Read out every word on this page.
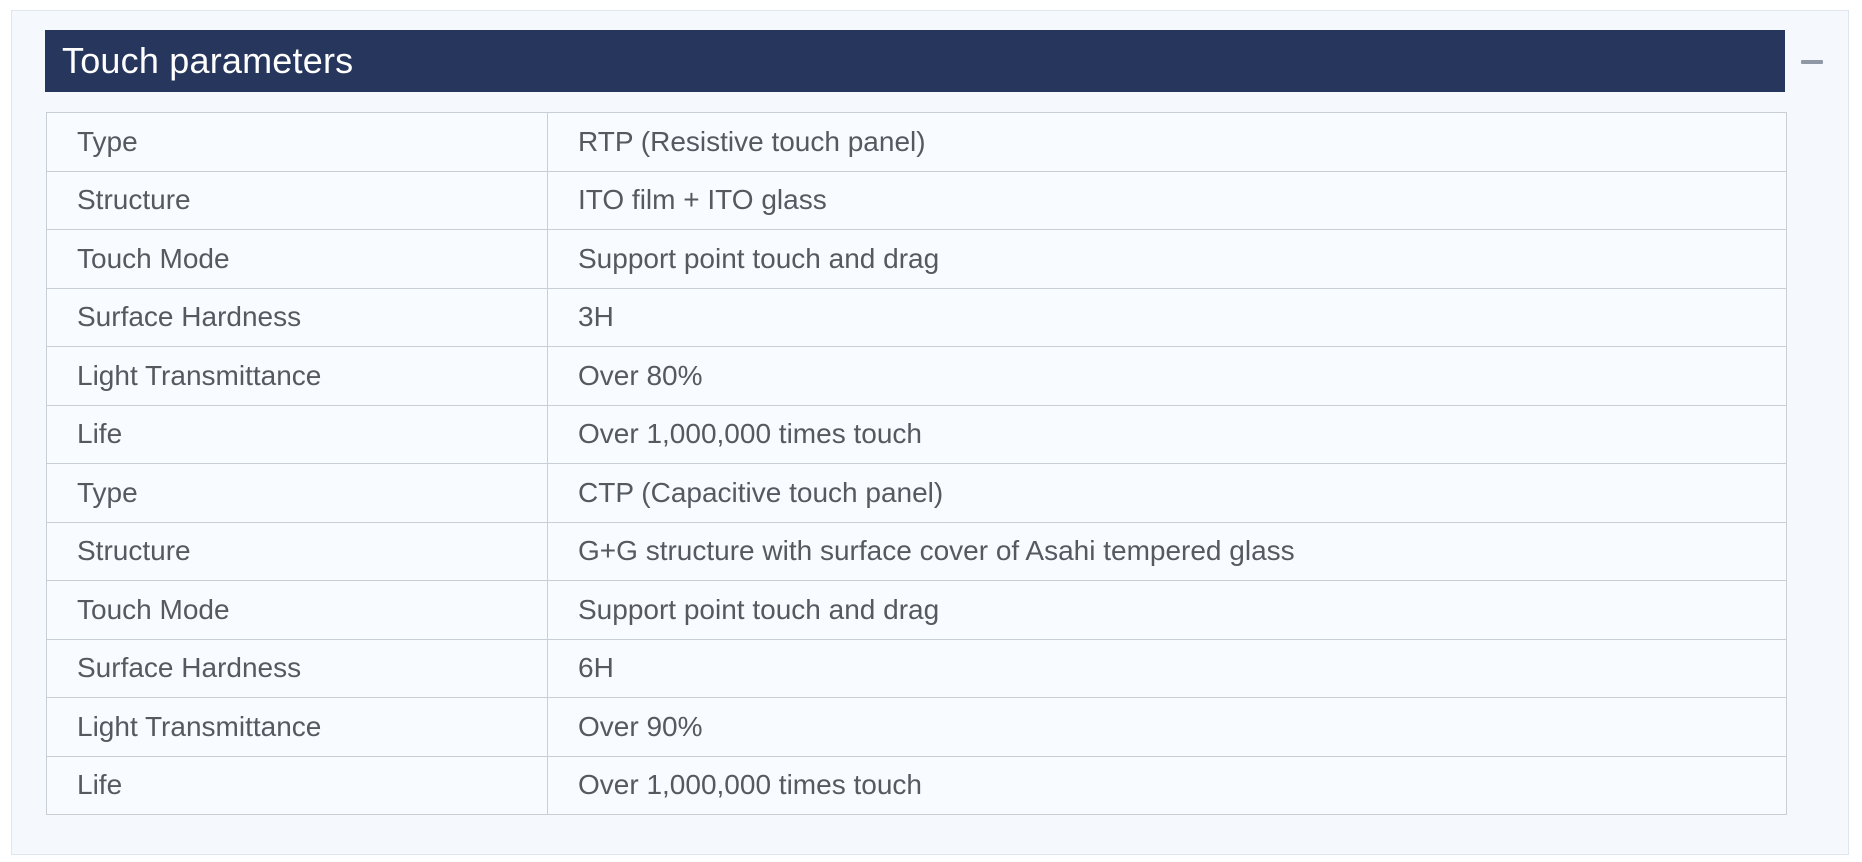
Touch parameters
Type	RTP (Resistive touch panel)
Structure	ITO film + ITO glass
Touch Mode	Support point touch and drag
Surface Hardness	3H
Light Transmittance	Over 80%
Life	Over 1,000,000 times touch
Type	CTP (Capacitive touch panel)
Structure	G+G structure with surface cover of Asahi tempered glass
Touch Mode	Support point touch and drag
Surface Hardness	6H
Light Transmittance	Over 90%
Life	Over 1,000,000 times touch
